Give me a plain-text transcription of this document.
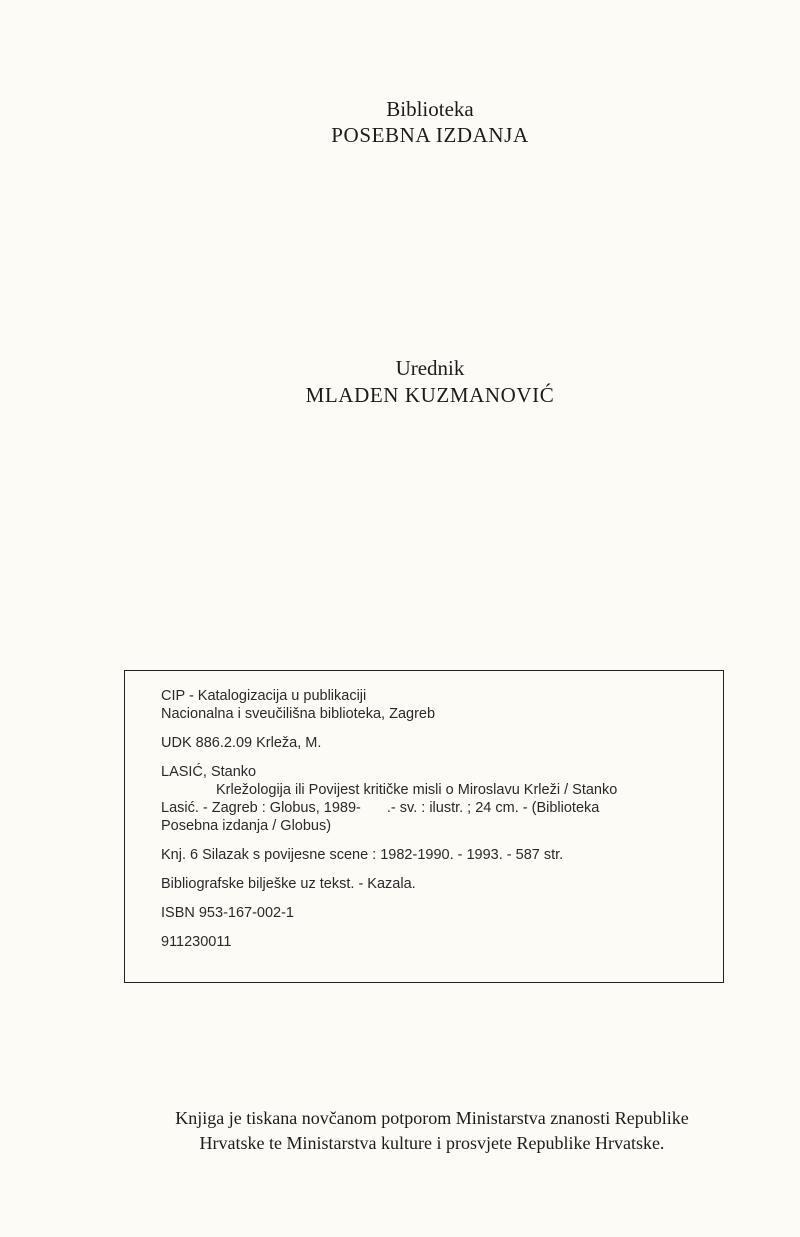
Biblioteka
POSEBNA IZDANJA
Urednik
MLADEN KUZMANOVIĆ
CIP - Katalogizacija u publikaciji
Nacionalna i sveučilišna biblioteka, Zagreb
UDK 886.2.09 Krleža, M.
LASIĆ, Stanko
Krležologija ili Povijest kritičke misli o Miroslavu Krleži / Stanko
Lasić. - Zagreb : Globus, 1989- .- sv. : ilustr. ; 24 cm. - (Biblioteka
Posebna izdanja / Globus)
Knj. 6 Silazak s povijesne scene : 1982-1990. - 1993. - 587 str.
Bibliografske bilješke uz tekst. - Kazala.
ISBN 953-167-002-1
911230011
Knjiga je tiskana novčanom potporom Ministarstva znanosti Republike
Hrvatske te Ministarstva kulture i prosvjete Republike Hrvatske.
